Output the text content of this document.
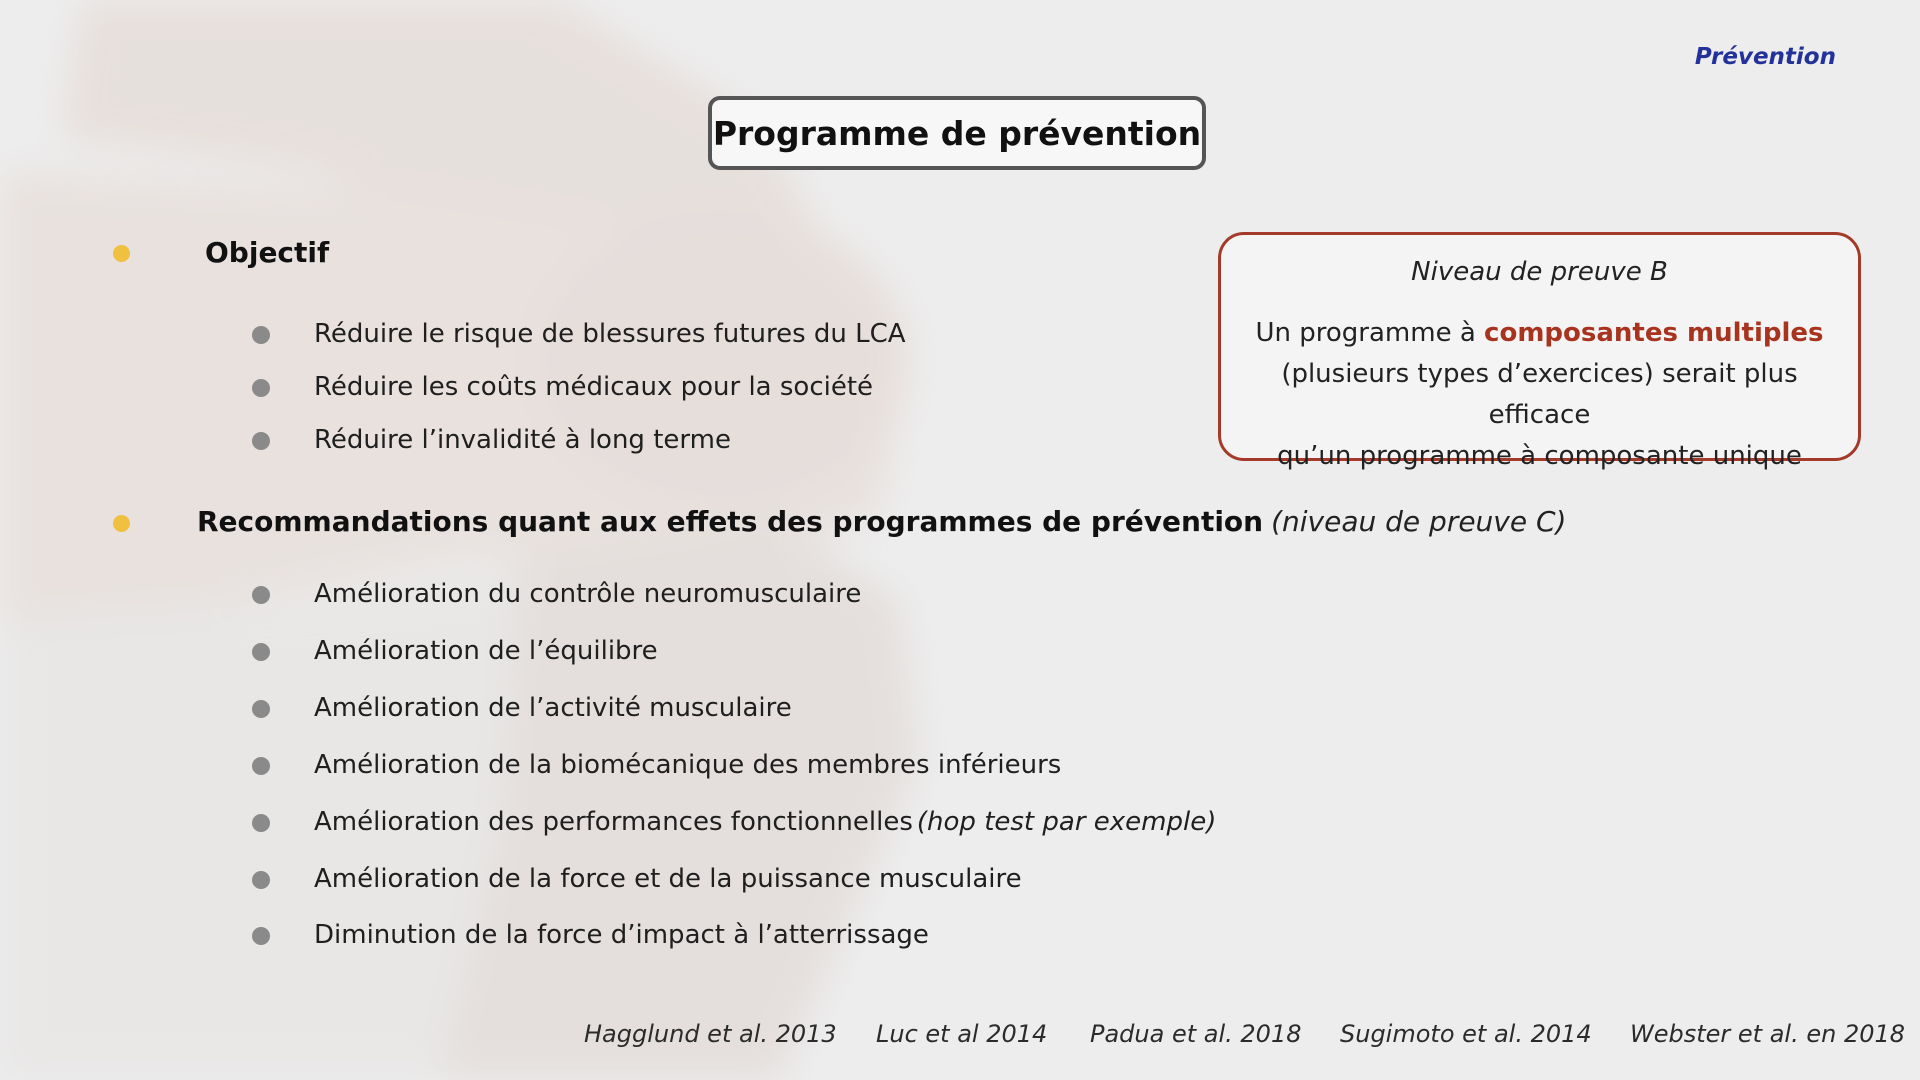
Prévention
Programme de prévention
Objectif
Réduire le risque de blessures futures du LCA
Réduire les coûts médicaux pour la société
Réduire l’invalidité à long terme
Recommandations quant aux effets des programmes de prévention (niveau de preuve C)
Amélioration du contrôle neuromusculaire
Amélioration de l’équilibre
Amélioration de l’activité musculaire
Amélioration de la biomécanique des membres inférieurs
Amélioration des performances fonctionnelles (hop test par exemple)
Amélioration de la force et de la puissance musculaire
Diminution de la force d’impact à l’atterrissage
Niveau de preuve B
Un programme à composantes multiples
(plusieurs types d’exercices) serait plus efficace
qu’un programme à composante unique
Hagglund et al. 2013 Luc et al 2014 Padua et al. 2018 Sugimoto et al. 2014 Webster et al. en 2018
